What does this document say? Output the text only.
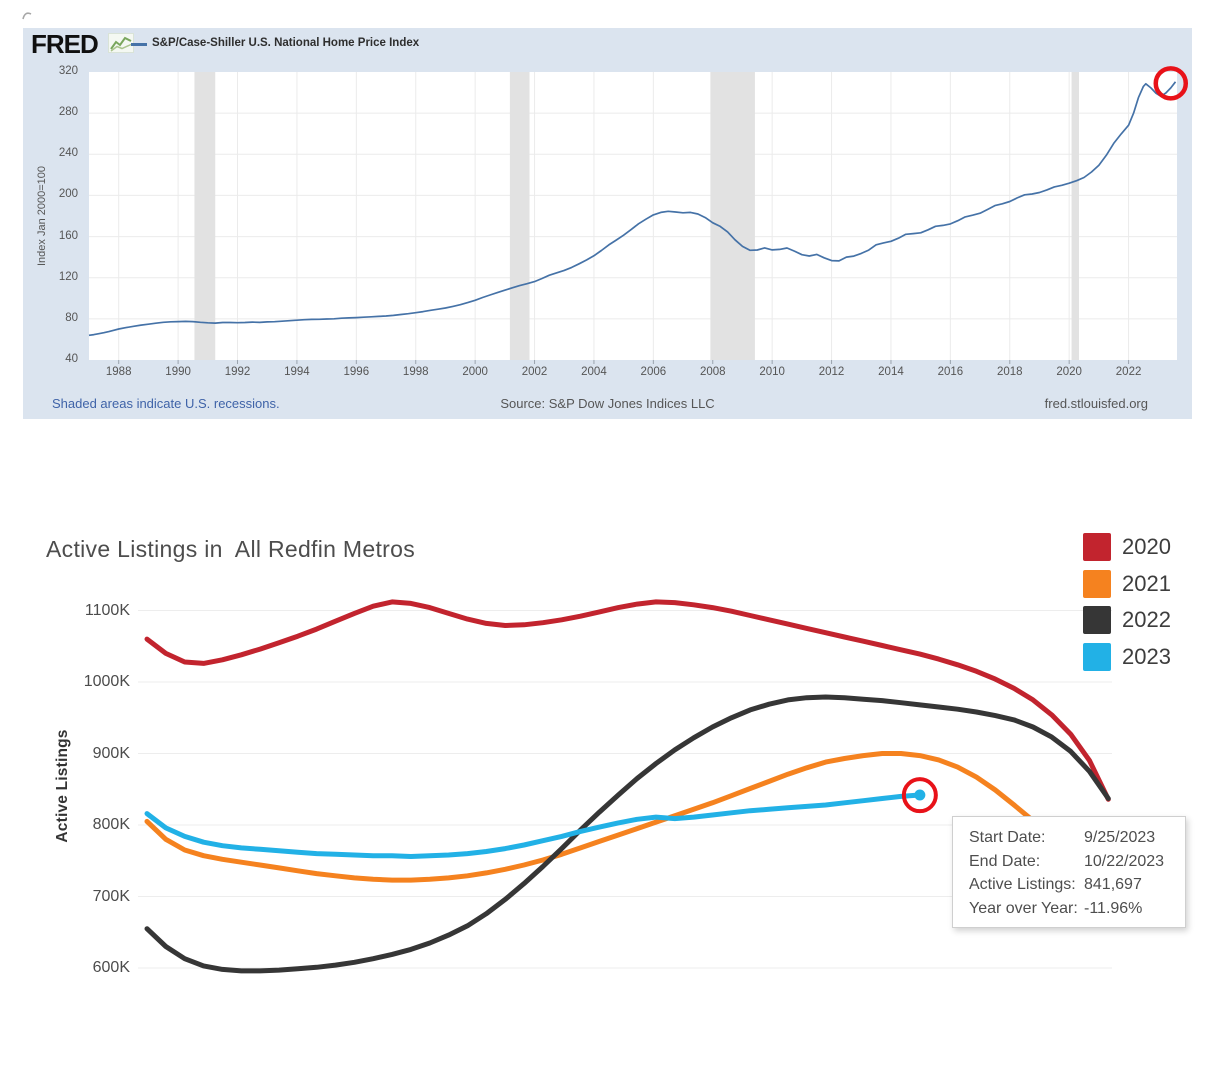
FRED	S&P/Case-Shiller U.S. National Home Price Index
Index Jan 2000=100
1988	1990	1992	1994	1996	1998	2000	2002	2004	2006	2008	2010	2012	2014	2016	2018	2020	2022
40
80
120
160
200
240
280
320
Shaded areas indicate U.S. recessions.	Source: S&P Dow Jones Indices LLC	fred.stlouisfed.org
Active Listings in  All Redfin Metros
Active Listings
600K
700K
800K
900K
1000K
1100K
2020
2021
2022
2023
Start Date:	9/25/2023
End Date:	10/22/2023
Active Listings: 841,697
Year over Year: -11.96%
